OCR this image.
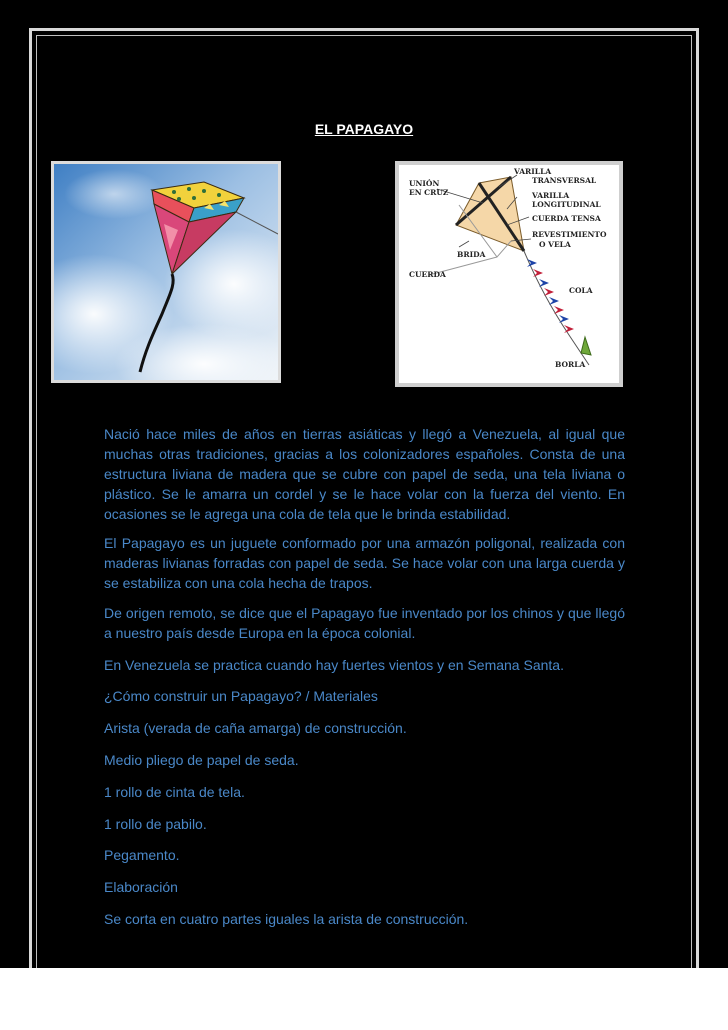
EL PAPAGAYO
UNIÓN
EN CRUZ
VARILLA
TRANSVERSAL
VARILLA
LONGITUDINAL
CUERDA TENSA
REVESTIMIENTO
O VELA
BRIDA
CUERDA
COLA
BORLA
Nació hace miles de años en tierras asiáticas y llegó a Venezuela, al igual que muchas otras tradiciones, gracias a los colonizadores españoles. Consta de una estructura liviana de madera que se cubre con papel de seda, una tela liviana o plástico. Se le amarra un cordel y se le hace volar con la fuerza del viento. En ocasiones se le agrega una cola de tela que le brinda estabilidad.
El Papagayo es un juguete conformado por una armazón poligonal, realizada con maderas livianas forradas con papel de seda. Se hace volar con una larga cuerda y se estabiliza con una cola hecha de trapos.
De origen remoto, se dice que el Papagayo fue inventado por los chinos y que llegó a nuestro país desde Europa en la época colonial.
En Venezuela se practica cuando hay fuertes vientos y en Semana Santa.
¿Cómo construir un Papagayo? / Materiales
Arista (verada de caña amarga) de construcción.
Medio pliego de papel de seda.
1 rollo de cinta de tela.
1 rollo de pabilo.
Pegamento.
Elaboración
Se corta en cuatro partes iguales la arista de construcción.
